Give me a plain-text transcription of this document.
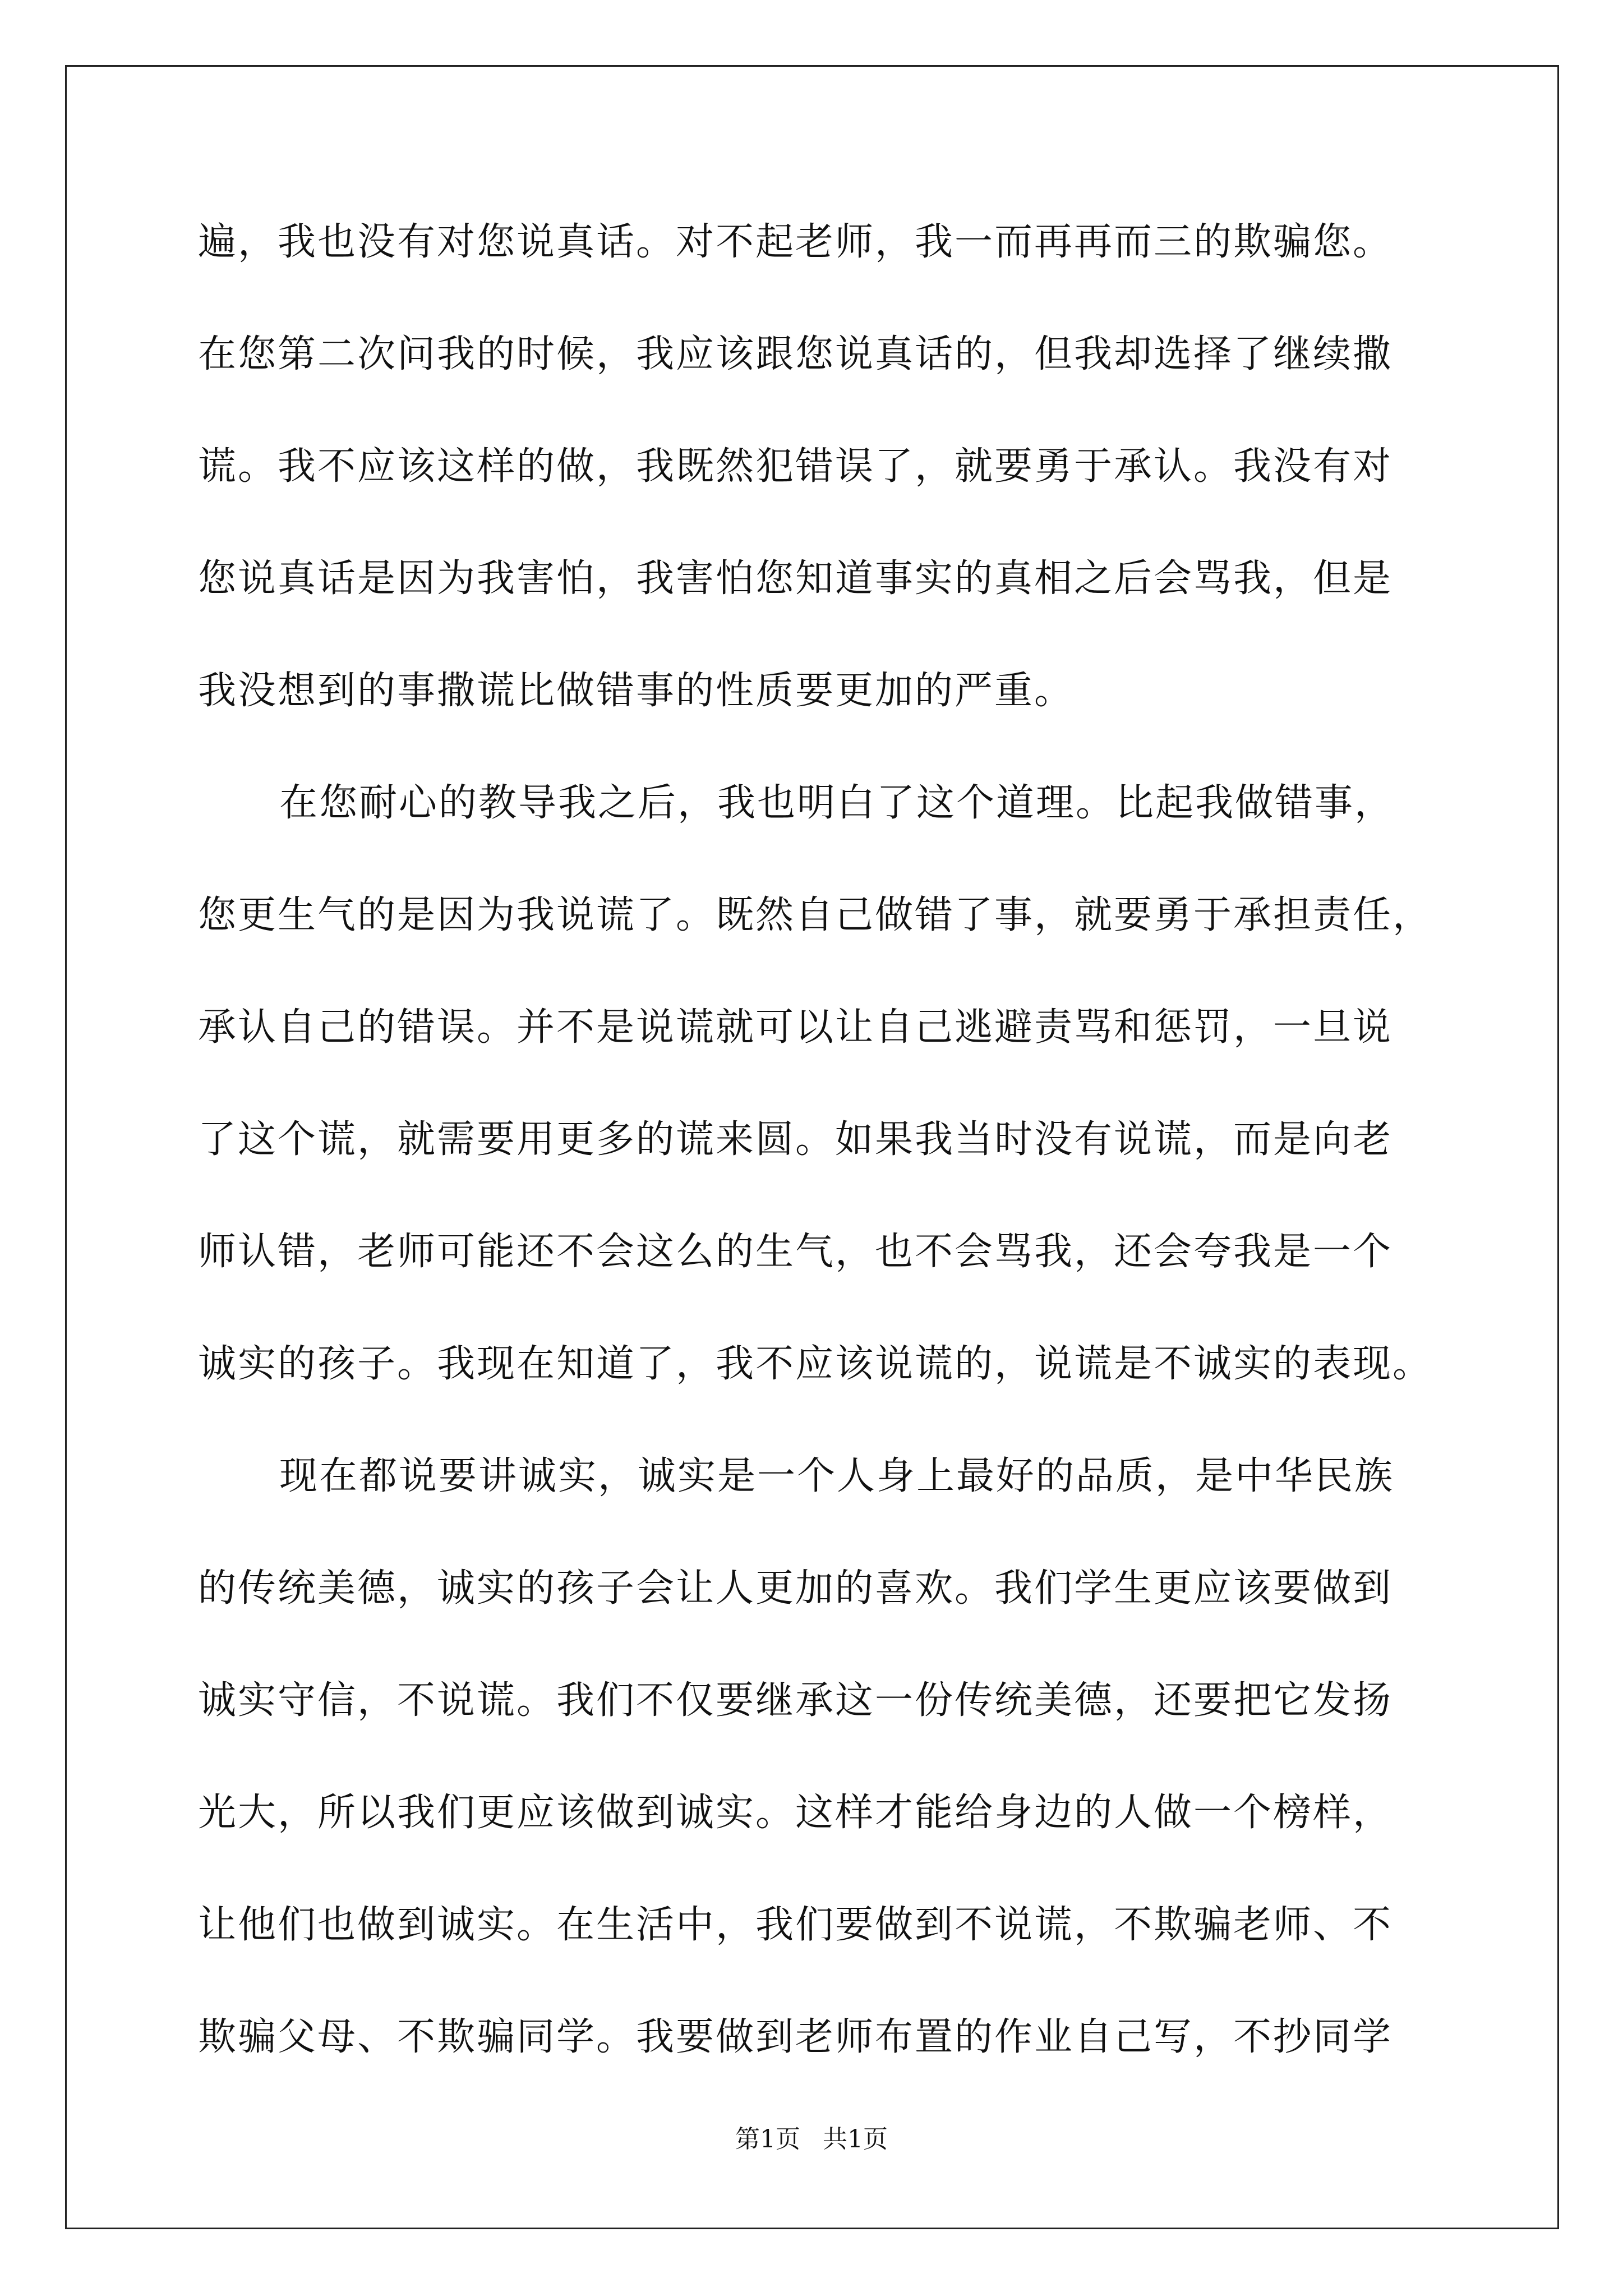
遍，我也没有对您说真话。对不起老师，我一而再再而三的欺骗您。
在您第二次问我的时候，我应该跟您说真话的，但我却选择了继续撒
谎。我不应该这样的做，我既然犯错误了，就要勇于承认。我没有对
您说真话是因为我害怕，我害怕您知道事实的真相之后会骂我，但是
我没想到的事撒谎比做错事的性质要更加的严重。
在您耐心的教导我之后，我也明白了这个道理。比起我做错事，
您更生气的是因为我说谎了。既然自己做错了事，就要勇于承担责任，
承认自己的错误。并不是说谎就可以让自己逃避责骂和惩罚，一旦说
了这个谎，就需要用更多的谎来圆。如果我当时没有说谎，而是向老
师认错，老师可能还不会这么的生气，也不会骂我，还会夸我是一个
诚实的孩子。我现在知道了，我不应该说谎的，说谎是不诚实的表现。
现在都说要讲诚实，诚实是一个人身上最好的品质，是中华民族
的传统美德，诚实的孩子会让人更加的喜欢。我们学生更应该要做到
诚实守信，不说谎。我们不仅要继承这一份传统美德，还要把它发扬
光大，所以我们更应该做到诚实。这样才能给身边的人做一个榜样，
让他们也做到诚实。在生活中，我们要做到不说谎，不欺骗老师、不
欺骗父母、不欺骗同学。我要做到老师布置的作业自己写，不抄同学
第1页 共1页
